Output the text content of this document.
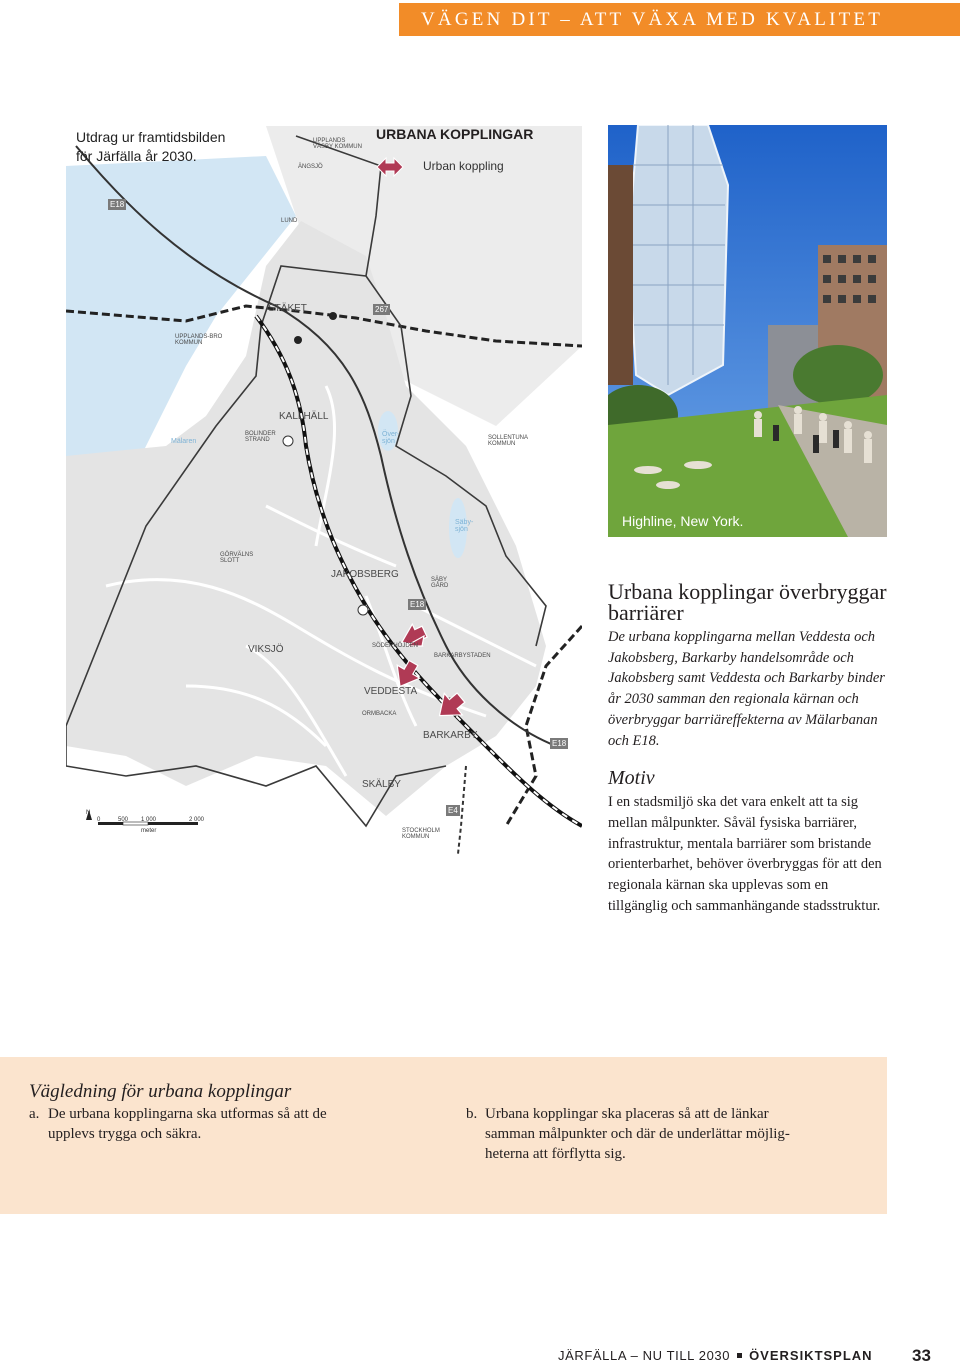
VÄGEN DIT – ATT VÄXA MED KVALITET
Utdrag ur framtidsbilden
för Järfälla år 2030.
URBANA KOPPLINGAR
Urban koppling
UPPLANDS VÄSBY KOMMUN
ÄNGSJÖ
LUND
STÄKET
UPPLANDS-BRO KOMMUN
KALLHÄLL
BOLINDER STRAND
Mälaren
Över-sjön
SOLLENTUNA KOMMUN
Säby-sjön
GÖRVÄLNS SLOTT
JAKOBSBERG	SÄBY GÅRD
VIKSJÖ	SÖDERHÖJDEN
BARKARBYSTADEN
VEDDESTA
ORMBACKA
BARKARBY
SKÄLBY
STOCKHOLM KOMMUN
E18
267
E18
E18
E4
N
0	500 1 000	2 000
meter
Highline, New York.
Urbana kopplingar överbryggar barriärer
De urbana kopplingarna mellan Veddesta och Jakobsberg, Barkarby handelsområde och Jakobsberg samt Veddesta och Barkarby binder år 2030 samman den regionala kärnan och överbryggar barriäreffekterna av Mälarbanan och E18.
Motiv
I en stadsmiljö ska det vara enkelt att ta sig mellan målpunkter. Såväl fysiska barriärer, infrastruktur, mentala barriärer som bristande orienterbarhet, behöver överbryggas för att den regionala kärnan ska upplevas som en tillgänglig och sammanhängande stadsstruktur.
Vägledning för urbana kopplingar
a. De urbana kopplingarna ska utformas så att de
upplevs trygga och säkra.
b. Urbana kopplingar ska placeras så att de länkar
samman målpunkter och där de underlättar möjlig-
heterna att förflytta sig.
JÄRFÄLLA – NU TILL 2030 ÖVERSIKTSPLAN	33
